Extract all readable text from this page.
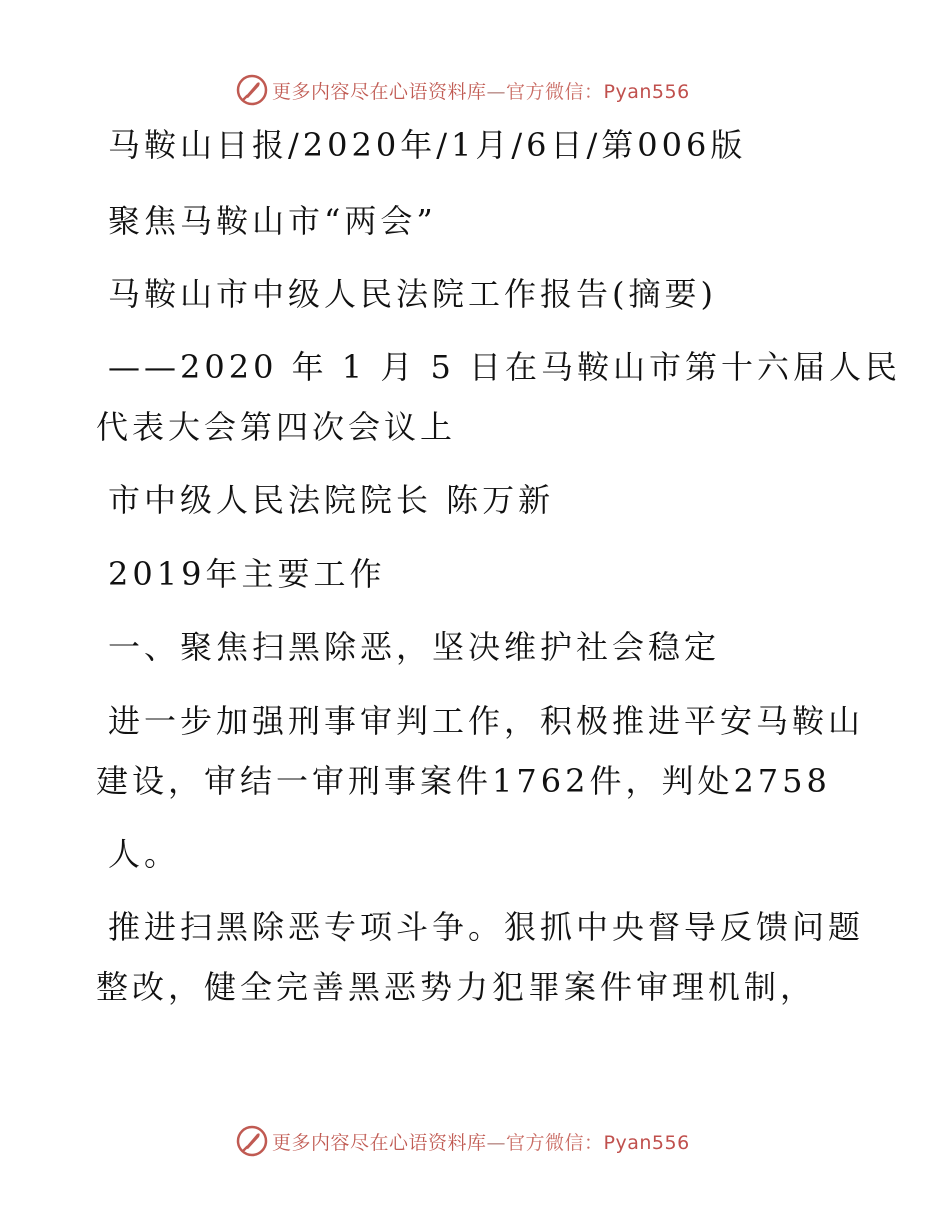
更多内容尽在心语资料库—官方微信：Pyan556

马鞍山日报/2020年/1月/6日/第006版

聚焦马鞍山市“两会”

马鞍山市中级人民法院工作报告(摘要)

——2020 年 1 月 5 日在马鞍山市第十六届人民

代表大会第四次会议上

市中级人民法院院长 陈万新

2019年主要工作

一、聚焦扫黑除恶，坚决维护社会稳定

进一步加强刑事审判工作，积极推进平安马鞍山

建设，审结一审刑事案件1762件，判处2758

人。

推进扫黑除恶专项斗争。狠抓中央督导反馈问题

整改，健全完善黑恶势力犯罪案件审理机制，

更多内容尽在心语资料库—官方微信：Pyan556
